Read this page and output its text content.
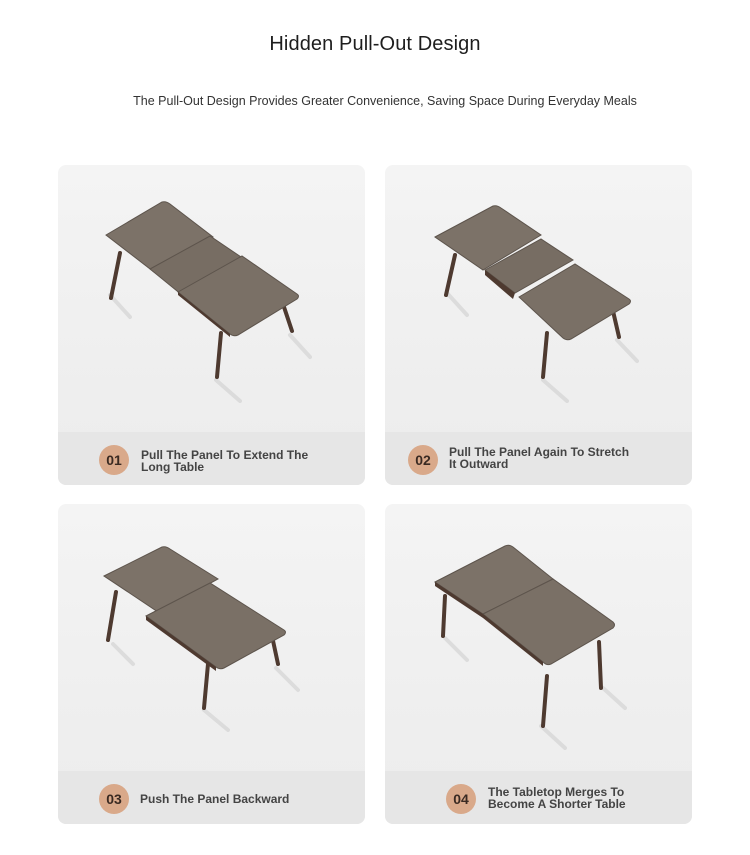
Hidden Pull-Out Design
The Pull-Out Design Provides Greater Convenience, Saving Space During Everyday Meals
01	Pull The Panel To Extend The Long Table	02	Pull The Panel Again To Stretch It Outward
03	Push The Panel Backward	04	The Tabletop Merges To Become A Shorter Table
